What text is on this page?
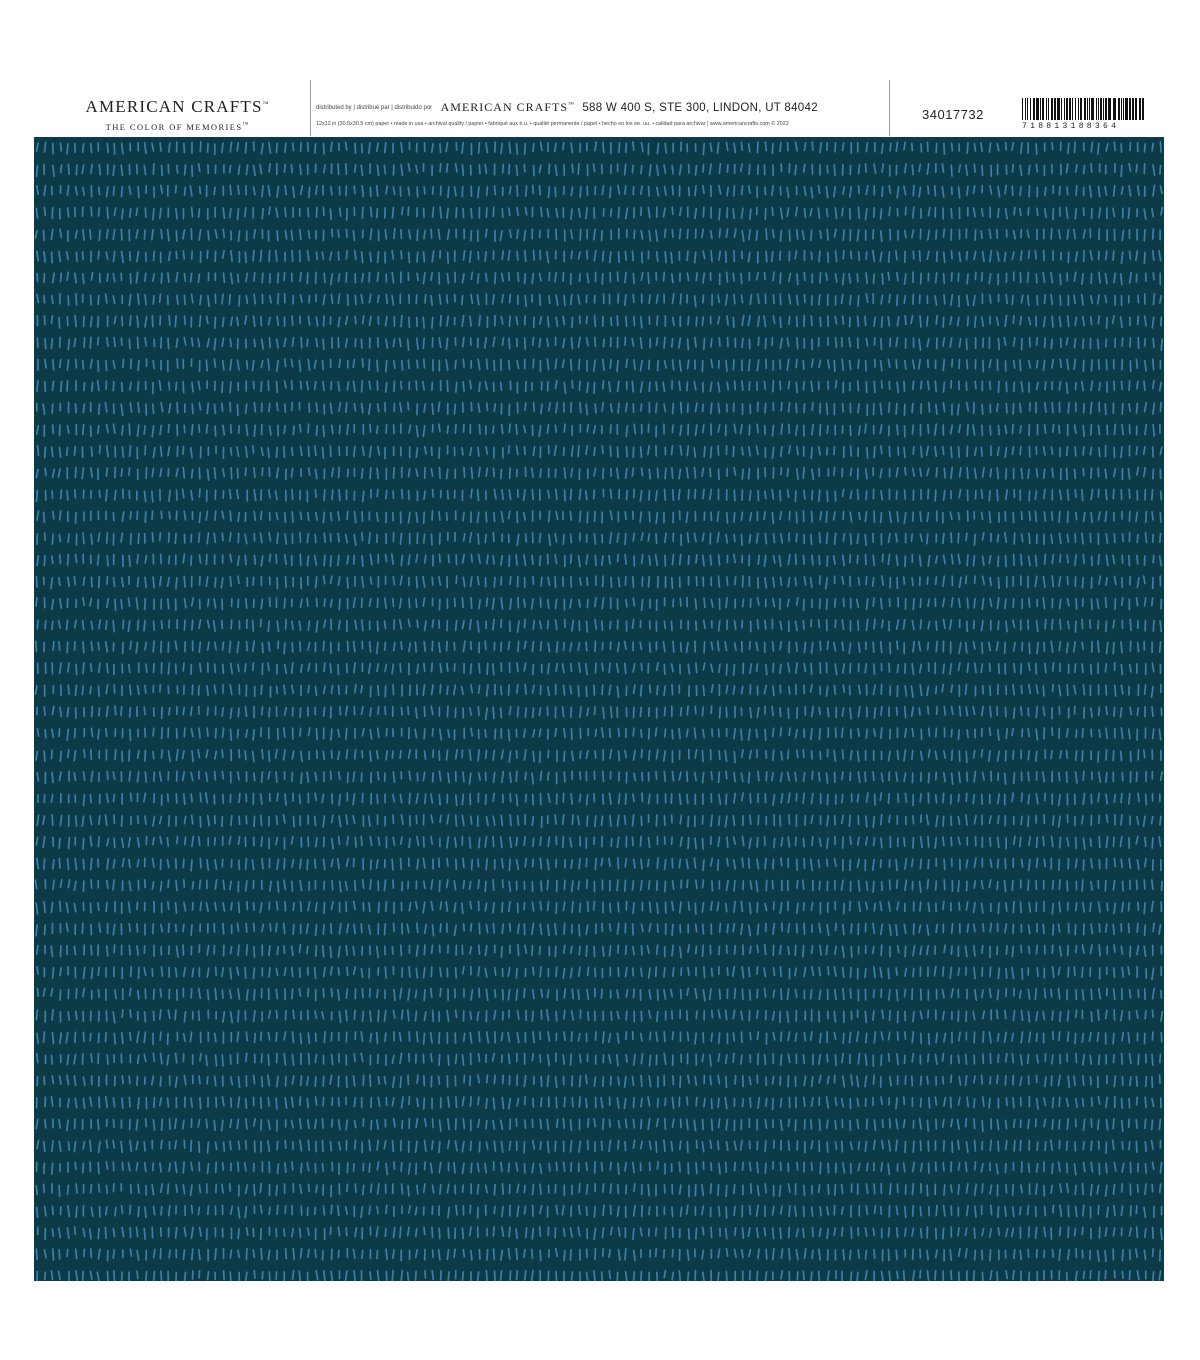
AMERICAN CRAFTS™
THE COLOR OF MEMORIES™
distributed by | distribué par | distribuido por AMERICAN CRAFTS™ 588 W 400 S, STE 300, LINDON, UT 84042
12x12 in (30.5x30.5 cm) paper • made in usa • archival quality / papier • fabriqué aux é.u. • qualité permanente / papel • hecho en los ee. uu. • calidad para archivar | www.americancrafts.com © 2022
34017732
718813188364
